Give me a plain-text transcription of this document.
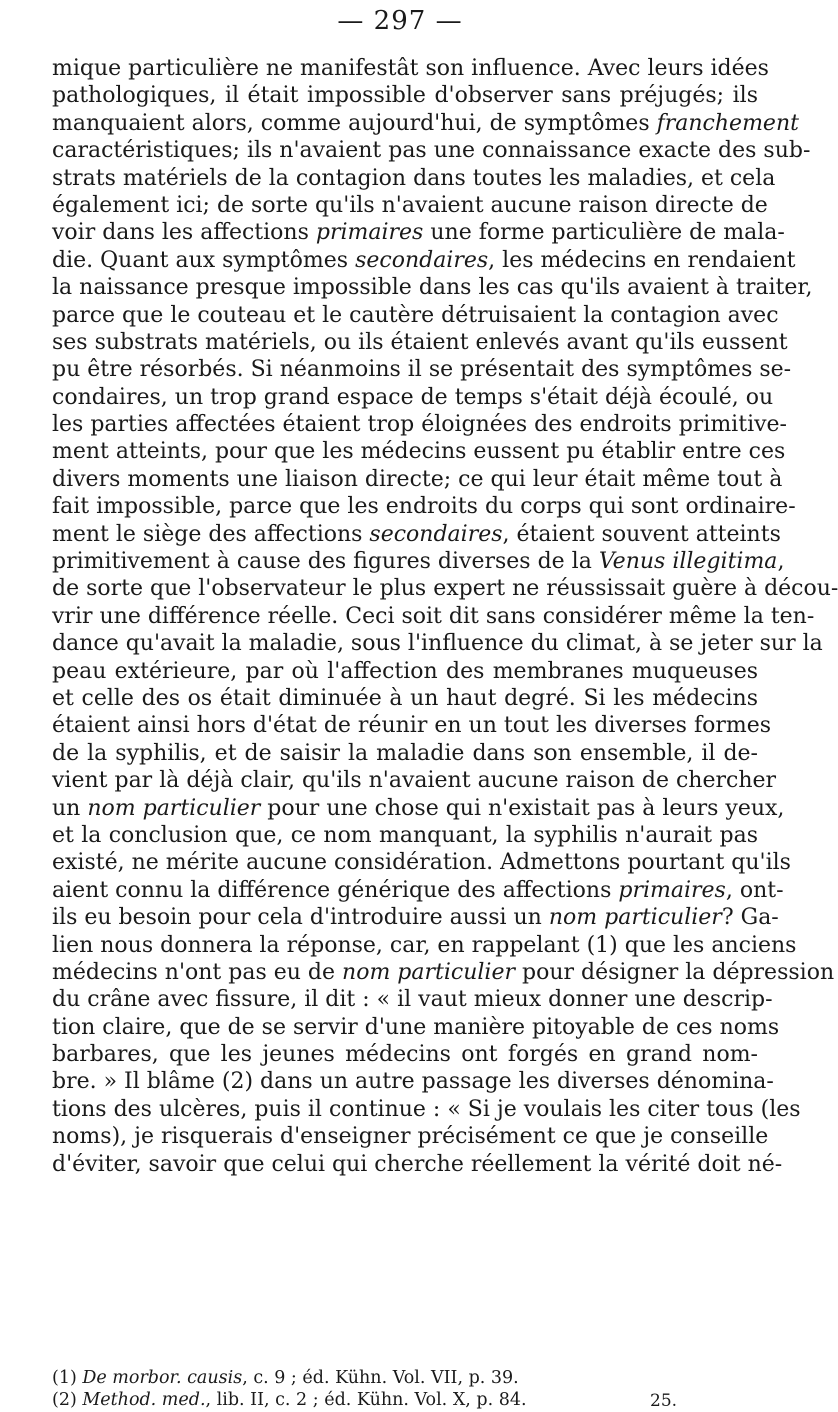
— 297 —
mique particulière ne manifestât son influence. Avec leurs idées
pathologiques, il était impossible d'observer sans préjugés; ils
manquaient alors, comme aujourd'hui, de symptômes franchement
caractéristiques; ils n'avaient pas une connaissance exacte des sub-
strats matériels de la contagion dans toutes les maladies, et cela
également ici; de sorte qu'ils n'avaient aucune raison directe de
voir dans les affections primaires une forme particulière de mala-
die. Quant aux symptômes secondaires, les médecins en rendaient
la naissance presque impossible dans les cas qu'ils avaient à traiter,
parce que le couteau et le cautère détruisaient la contagion avec
ses substrats matériels, ou ils étaient enlevés avant qu'ils eussent
pu être résorbés. Si néanmoins il se présentait des symptômes se-
condaires, un trop grand espace de temps s'était déjà écoulé, ou
les parties affectées étaient trop éloignées des endroits primitive-
ment atteints, pour que les médecins eussent pu établir entre ces
divers moments une liaison directe; ce qui leur était même tout à
fait impossible, parce que les endroits du corps qui sont ordinaire-
ment le siège des affections secondaires, étaient souvent atteints
primitivement à cause des figures diverses de la Venus illegitima,
de sorte que l'observateur le plus expert ne réussissait guère à décou-
vrir une différence réelle. Ceci soit dit sans considérer même la ten-
dance qu'avait la maladie, sous l'influence du climat, à se jeter sur la
peau extérieure, par où l'affection des membranes muqueuses
et celle des os était diminuée à un haut degré. Si les médecins
étaient ainsi hors d'état de réunir en un tout les diverses formes
de la syphilis, et de saisir la maladie dans son ensemble, il de-
vient par là déjà clair, qu'ils n'avaient aucune raison de chercher
un nom particulier pour une chose qui n'existait pas à leurs yeux,
et la conclusion que, ce nom manquant, la syphilis n'aurait pas
existé, ne mérite aucune considération. Admettons pourtant qu'ils
aient connu la différence générique des affections primaires, ont-
ils eu besoin pour cela d'introduire aussi un nom particulier? Ga-
lien nous donnera la réponse, car, en rappelant (1) que les anciens
médecins n'ont pas eu de nom particulier pour désigner la dépression
du crâne avec fissure, il dit : « il vaut mieux donner une descrip-
tion claire, que de se servir d'une manière pitoyable de ces noms
barbares, que les jeunes médecins ont forgés en grand nom-
bre. » Il blâme (2) dans un autre passage les diverses dénomina-
tions des ulcères, puis il continue : « Si je voulais les citer tous (les
noms), je risquerais d'enseigner précisément ce que je conseille
d'éviter, savoir que celui qui cherche réellement la vérité doit né-
(1) De morbor. causis, c. 9 ; éd. Kühn. Vol. VII, p. 39.
(2) Method. med., lib. II, c. 2 ; éd. Kühn. Vol. X, p. 84.	25.
